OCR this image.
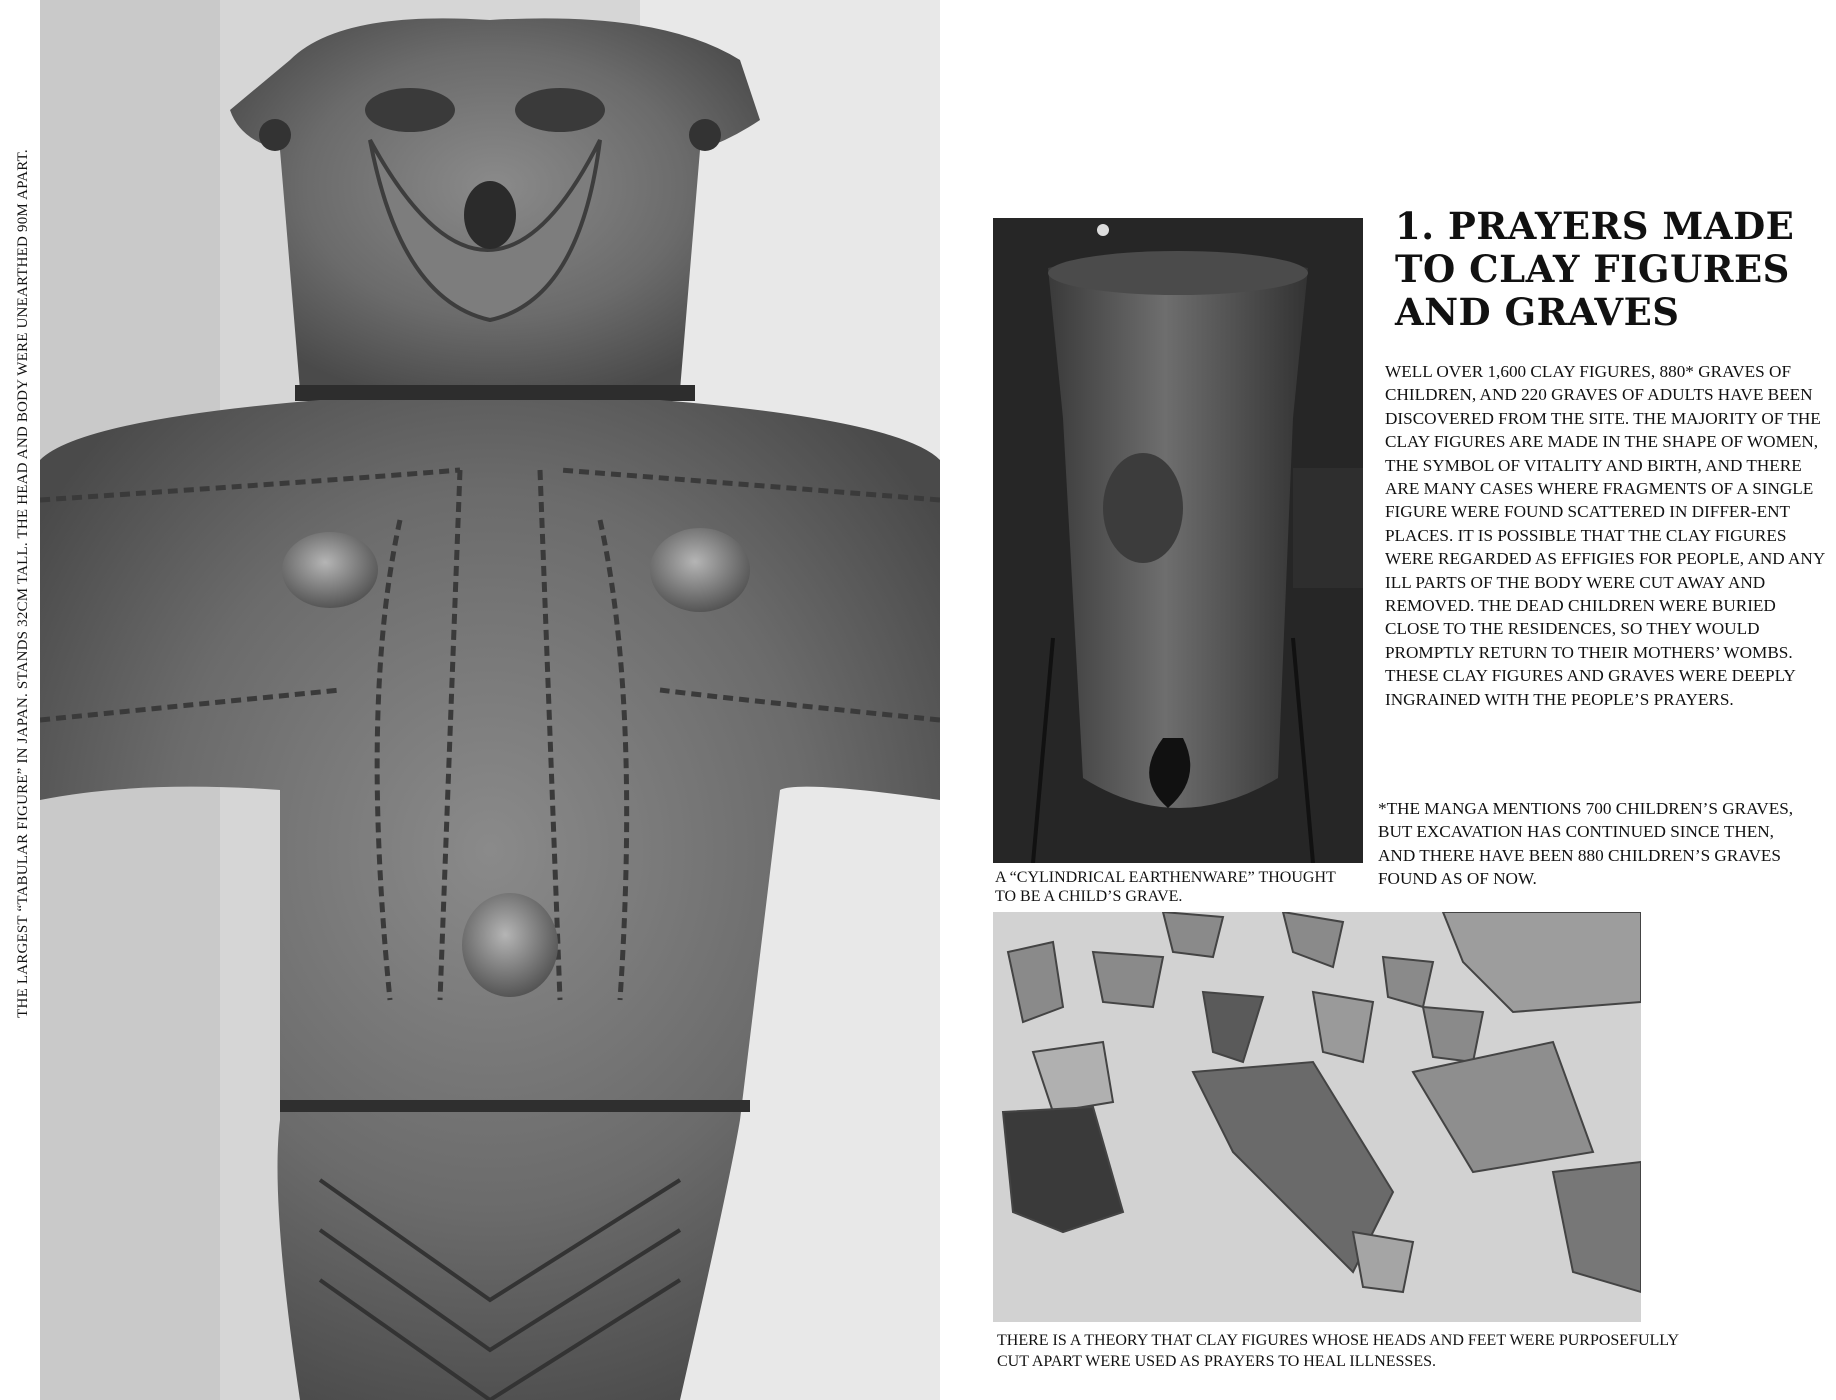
THE LARGEST “TABULAR FIGURE” IN JAPAN. STANDS 32CM TALL. THE HEAD AND BODY WERE UNEARTHED 90M APART.	A “CYLINDRICAL EARTHENWARE” THOUGHT TO BE A CHILD’S GRAVE.
THERE IS A THEORY THAT CLAY FIGURES WHOSE HEADS AND FEET WERE PURPOSEFULLY CUT APART WERE USED AS PRAYERS TO HEAL ILLNESSES.
1. PRAYERS MADE TO CLAY FIGURES AND GRAVES

WELL OVER 1,600 CLAY FIGURES, 880* GRAVES OF CHILDREN, AND 220 GRAVES OF ADULTS HAVE BEEN DISCOVERED FROM THE SITE. THE MAJORITY OF THE CLAY FIGURES ARE MADE IN THE SHAPE OF WOMEN, THE SYMBOL OF VITALITY AND BIRTH, AND THERE ARE MANY CASES WHERE FRAGMENTS OF A SINGLE FIGURE WERE FOUND SCATTERED IN DIFFER-ENT PLACES. IT IS POSSIBLE THAT THE CLAY FIGURES WERE REGARDED AS EFFIGIES FOR PEOPLE, AND ANY ILL PARTS OF THE BODY WERE CUT AWAY AND REMOVED. THE DEAD CHILDREN WERE BURIED CLOSE TO THE RESIDENCES, SO THEY WOULD PROMPTLY RETURN TO THEIR MOTHERS’ WOMBS. THESE CLAY FIGURES AND GRAVES WERE DEEPLY INGRAINED WITH THE PEOPLE’S PRAYERS.

*THE MANGA MENTIONS 700 CHILDREN’S GRAVES, BUT EXCAVATION HAS CONTINUED SINCE THEN, AND THERE HAVE BEEN 880 CHILDREN’S GRAVES FOUND AS OF NOW.
